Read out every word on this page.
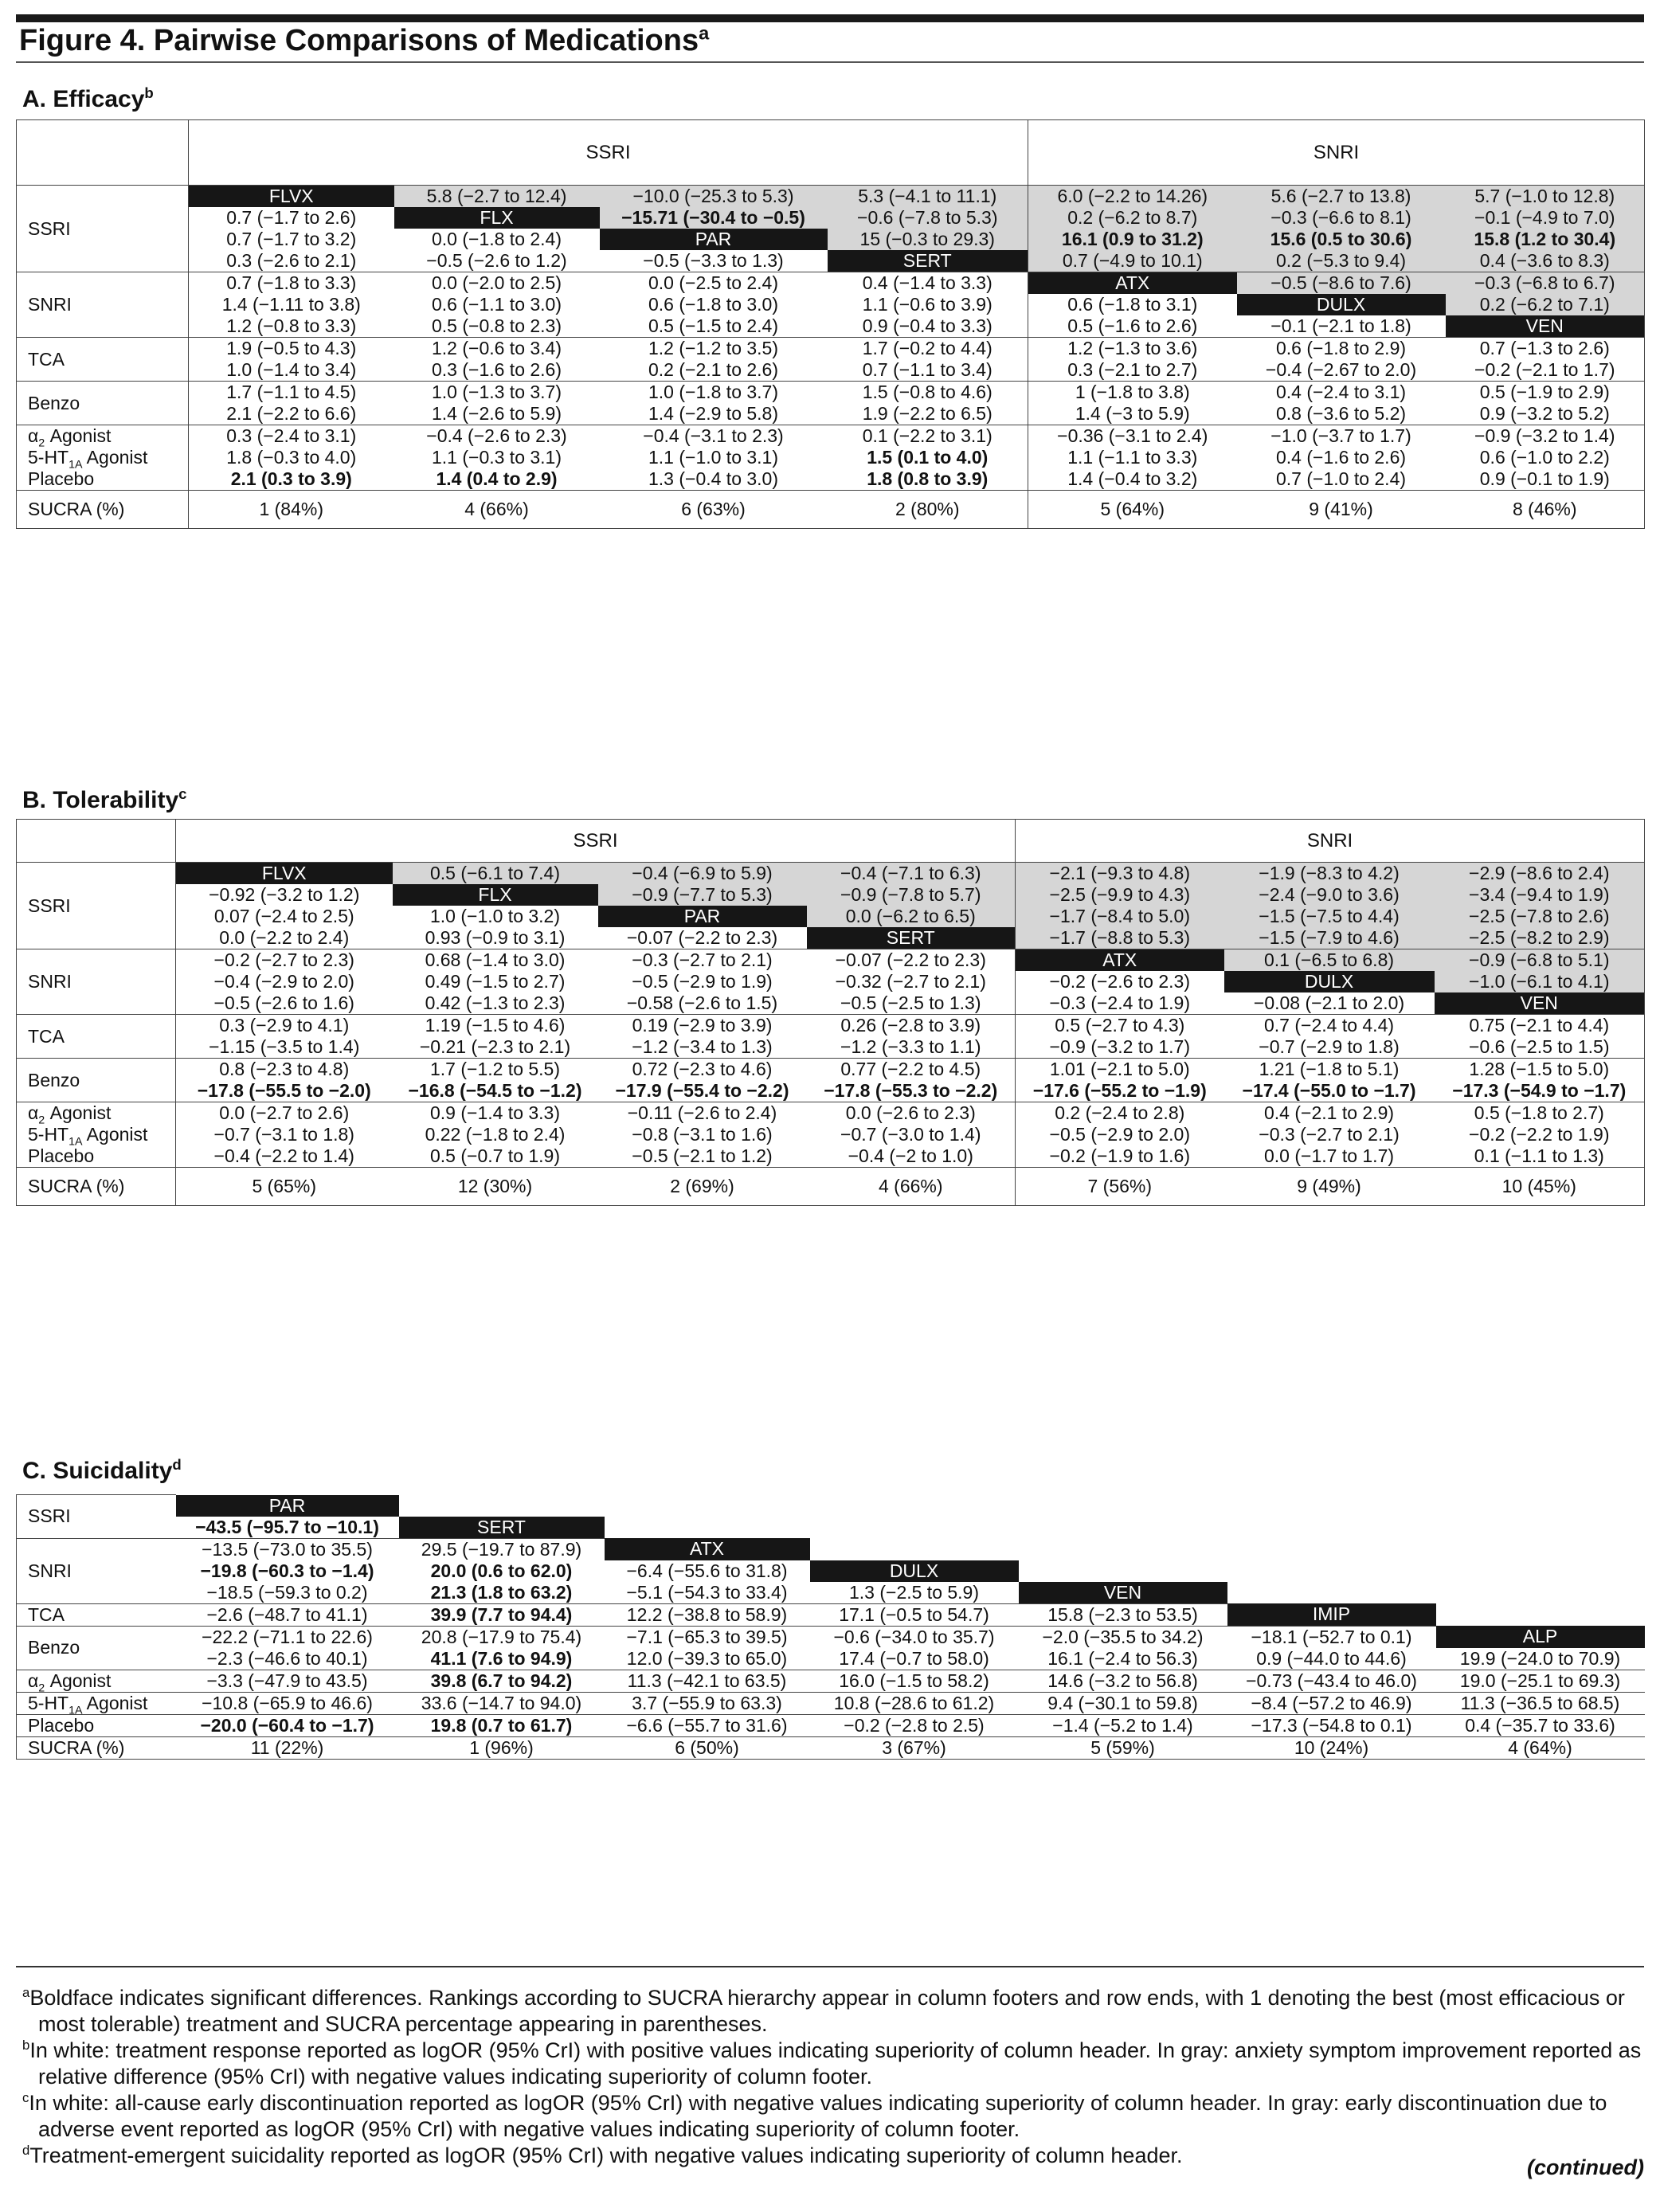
Figure 4. Pairwise Comparisons of Medications$^a$
A. Efficacy$^b$
	SSRI				SNRI		
SSRI	FLVX	5.8 (−2.7 to 12.4)	−10.0 (−25.3 to 5.3)	5.3 (−4.1 to 11.1)	6.0 (−2.2 to 14.26)	5.6 (−2.7 to 13.8)	5.7 (−1.0 to 12.8)
	0.7 (−1.7 to 2.6)	FLX	−15.71 (−30.4 to −0.5)	−0.6 (−7.8 to 5.3)	0.2 (−6.2 to 8.7)	−0.3 (−6.6 to 8.1)	−0.1 (−4.9 to 7.0)
	0.7 (−1.7 to 3.2)	0.0 (−1.8 to 2.4)	PAR	15 (−0.3 to 29.3)	16.1 (0.9 to 31.2)	15.6 (0.5 to 30.6)	15.8 (1.2 to 30.4)
	0.3 (−2.6 to 2.1)	−0.5 (−2.6 to 1.2)	−0.5 (−3.3 to 1.3)	SERT	0.7 (−4.9 to 10.1)	0.2 (−5.3 to 9.4)	0.4 (−3.6 to 8.3)
SNRI	0.7 (−1.8 to 3.3)	0.0 (−2.0 to 2.5)	0.0 (−2.5 to 2.4)	0.4 (−1.4 to 3.3)	ATX	−0.5 (−8.6 to 7.6)	−0.3 (−6.8 to 6.7)
	1.4 (−1.11 to 3.8)	0.6 (−1.1 to 3.0)	0.6 (−1.8 to 3.0)	1.1 (−0.6 to 3.9)	0.6 (−1.8 to 3.1)	DULX	0.2 (−6.2 to 7.1)
	1.2 (−0.8 to 3.3)	0.5 (−0.8 to 2.3)	0.5 (−1.5 to 2.4)	0.9 (−0.4 to 3.3)	0.5 (−1.6 to 2.6)	−0.1 (−2.1 to 1.8)	VEN
TCA	1.9 (−0.5 to 4.3)	1.2 (−0.6 to 3.4)	1.2 (−1.2 to 3.5)	1.7 (−0.2 to 4.4)	1.2 (−1.3 to 3.6)	0.6 (−1.8 to 2.9)	0.7 (−1.3 to 2.6)
	1.0 (−1.4 to 3.4)	0.3 (−1.6 to 2.6)	0.2 (−2.1 to 2.6)	0.7 (−1.1 to 3.4)	0.3 (−2.1 to 2.7)	−0.4 (−2.67 to 2.0)	−0.2 (−2.1 to 1.7)
Benzo	1.7 (−1.1 to 4.5)	1.0 (−1.3 to 3.7)	1.0 (−1.8 to 3.7)	1.5 (−0.8 to 4.6)	1 (−1.8 to 3.8)	0.4 (−2.4 to 3.1)	0.5 (−1.9 to 2.9)
	2.1 (−2.2 to 6.6)	1.4 (−2.6 to 5.9)	1.4 (−2.9 to 5.8)	1.9 (−2.2 to 6.5)	1.4 (−3 to 5.9)	0.8 (−3.6 to 5.2)	0.9 (−3.2 to 5.2)
$\alpha_2$ Agonist	0.3 (−2.4 to 3.1)	−0.4 (−2.6 to 2.3)	−0.4 (−3.1 to 2.3)	0.1 (−2.2 to 3.1)	−0.36 (−3.1 to 2.4)	−1.0 (−3.7 to 1.7)	−0.9 (−3.2 to 1.4)
$5-HT_{1A}$ Agonist	1.8 (−0.3 to 4.0)	1.1 (−0.3 to 3.1)	1.1 (−1.0 to 3.1)	1.5 (0.1 to 4.0)	1.1 (−1.1 to 3.3)	0.4 (−1.6 to 2.6)	0.6 (−1.0 to 2.2)
Placebo	2.1 (0.3 to 3.9)	1.4 (0.4 to 2.9)	1.3 (−0.4 to 3.0)	1.8 (0.8 to 3.9)	1.4 (−0.4 to 3.2)	0.7 (−1.0 to 2.4)	0.9 (−0.1 to 1.9)
SUCRA (%)	1 (84%)	4 (66%)	6 (63%)	2 (80%)	5 (64%)	9 (41%)	8 (46%)
B. Tolerability$^c$
	SSRI				SNRI		
SSRI	FLVX	0.5 (−6.1 to 7.4)	−0.4 (−6.9 to 5.9)	−0.4 (−7.1 to 6.3)	−2.1 (−9.3 to 4.8)	−1.9 (−8.3 to 4.2)	−2.9 (−8.6 to 2.4)
	−0.92 (−3.2 to 1.2)	FLX	−0.9 (−7.7 to 5.3)	−0.9 (−7.8 to 5.7)	−2.5 (−9.9 to 4.3)	−2.4 (−9.0 to 3.6)	−3.4 (−9.4 to 1.9)
	0.07 (−2.4 to 2.5)	1.0 (−1.0 to 3.2)	PAR	0.0 (−6.2 to 6.5)	−1.7 (−8.4 to 5.0)	−1.5 (−7.5 to 4.4)	−2.5 (−7.8 to 2.6)
	0.0 (−2.2 to 2.4)	0.93 (−0.9 to 3.1)	−0.07 (−2.2 to 2.3)	SERT	−1.7 (−8.8 to 5.3)	−1.5 (−7.9 to 4.6)	−2.5 (−8.2 to 2.9)
SNRI	−0.2 (−2.7 to 2.3)	0.68 (−1.4 to 3.0)	−0.3 (−2.7 to 2.1)	−0.07 (−2.2 to 2.3)	ATX	0.1 (−6.5 to 6.8)	−0.9 (−6.8 to 5.1)
	−0.4 (−2.9 to 2.0)	0.49 (−1.5 to 2.7)	−0.5 (−2.9 to 1.9)	−0.32 (−2.7 to 2.1)	−0.2 (−2.6 to 2.3)	DULX	−1.0 (−6.1 to 4.1)
	−0.5 (−2.6 to 1.6)	0.42 (−1.3 to 2.3)	−0.58 (−2.6 to 1.5)	−0.5 (−2.5 to 1.3)	−0.3 (−2.4 to 1.9)	−0.08 (−2.1 to 2.0)	VEN
TCA	0.3 (−2.9 to 4.1)	1.19 (−1.5 to 4.6)	0.19 (−2.9 to 3.9)	0.26 (−2.8 to 3.9)	0.5 (−2.7 to 4.3)	0.7 (−2.4 to 4.4)	0.75 (−2.1 to 4.4)
	−1.15 (−3.5 to 1.4)	−0.21 (−2.3 to 2.1)	−1.2 (−3.4 to 1.3)	−1.2 (−3.3 to 1.1)	−0.9 (−3.2 to 1.7)	−0.7 (−2.9 to 1.8)	−0.6 (−2.5 to 1.5)
Benzo	0.8 (−2.3 to 4.8)	1.7 (−1.2 to 5.5)	0.72 (−2.3 to 4.6)	0.77 (−2.2 to 4.5)	1.01 (−2.1 to 5.0)	1.21 (−1.8 to 5.1)	1.28 (−1.5 to 5.0)
	−17.8 (−55.5 to −2.0)	−16.8 (−54.5 to −1.2)	−17.9 (−55.4 to −2.2)	−17.8 (−55.3 to −2.2)	−17.6 (−55.2 to −1.9)	−17.4 (−55.0 to −1.7)	−17.3 (−54.9 to −1.7)
$\alpha_2$ Agonist	0.0 (−2.7 to 2.6)	0.9 (−1.4 to 3.3)	−0.11 (−2.6 to 2.4)	0.0 (−2.6 to 2.3)	0.2 (−2.4 to 2.8)	0.4 (−2.1 to 2.9)	0.5 (−1.8 to 2.7)
$5-HT_{1A}$ Agonist	−0.7 (−3.1 to 1.8)	0.22 (−1.8 to 2.4)	−0.8 (−3.1 to 1.6)	−0.7 (−3.0 to 1.4)	−0.5 (−2.9 to 2.0)	−0.3 (−2.7 to 2.1)	−0.2 (−2.2 to 1.9)
Placebo	−0.4 (−2.2 to 1.4)	0.5 (−0.7 to 1.9)	−0.5 (−2.1 to 1.2)	−0.4 (−2 to 1.0)	−0.2 (−1.9 to 1.6)	0.0 (−1.7 to 1.7)	0.1 (−1.1 to 1.3)
SUCRA (%)	5 (65%)	12 (30%)	2 (69%)	4 (66%)	7 (56%)	9 (49%)	10 (45%)
C. Suicidality$^d$
SSRI	PAR						
	−43.5 (−95.7 to −10.1)	SERT					
SNRI	−13.5 (−73.0 to 35.5)	29.5 (−19.7 to 87.9)	ATX				
	−19.8 (−60.3 to −1.4)	20.0 (0.6 to 62.0)	−6.4 (−55.6 to 31.8)	DULX			
	−18.5 (−59.3 to 0.2)	21.3 (1.8 to 63.2)	−5.1 (−54.3 to 33.4)	1.3 (−2.5 to 5.9)	VEN		
TCA	−2.6 (−48.7 to 41.1)	39.9 (7.7 to 94.4)	12.2 (−38.8 to 58.9)	17.1 (−0.5 to 54.7)	15.8 (−2.3 to 53.5)	IMIP	
Benzo	−22.2 (−71.1 to 22.6)	20.8 (−17.9 to 75.4)	−7.1 (−65.3 to 39.5)	−0.6 (−34.0 to 35.7)	−2.0 (−35.5 to 34.2)	−18.1 (−52.7 to 0.1)	ALP
	−2.3 (−46.6 to 40.1)	41.1 (7.6 to 94.9)	12.0 (−39.3 to 65.0)	17.4 (−0.7 to 58.0)	16.1 (−2.4 to 56.3)	0.9 (−44.0 to 44.6)	19.9 (−24.0 to 70.9)
$\alpha_2$ Agonist	−3.3 (−47.9 to 43.5)	39.8 (6.7 to 94.2)	11.3 (−42.1 to 63.5)	16.0 (−1.5 to 58.2)	14.6 (−3.2 to 56.8)	−0.73 (−43.4 to 46.0)	19.0 (−25.1 to 69.3)
$5-HT_{1A}$ Agonist	−10.8 (−65.9 to 46.6)	33.6 (−14.7 to 94.0)	3.7 (−55.9 to 63.3)	10.8 (−28.6 to 61.2)	9.4 (−30.1 to 59.8)	−8.4 (−57.2 to 46.9)	11.3 (−36.5 to 68.5)
Placebo	−20.0 (−60.4 to −1.7)	19.8 (0.7 to 61.7)	−6.6 (−55.7 to 31.6)	−0.2 (−2.8 to 2.5)	−1.4 (−5.2 to 1.4)	−17.3 (−54.8 to 0.1)	0.4 (−35.7 to 33.6)
SUCRA (%)	11 (22%)	1 (96%)	6 (50%)	3 (67%)	5 (59%)	10 (24%)	4 (64%)
$^a$Boldface indicates significant differences. Rankings according to SUCRA hierarchy appear in column footers and row ends, with 1 denoting the best (most efficacious or most tolerable) treatment and SUCRA percentage appearing in parentheses.
$^b$In white: treatment response reported as logOR (95% CrI) with positive values indicating superiority of column header. In gray: anxiety symptom improvement reported as relative difference (95% CrI) with negative values indicating superiority of column footer.
$^c$In white: all-cause early discontinuation reported as logOR (95% CrI) with negative values indicating superiority of column header. In gray: early discontinuation due to adverse event reported as logOR (95% CrI) with negative values indicating superiority of column footer.
$^d$Treatment-emergent suicidality reported as logOR (95% CrI) with negative values indicating superiority of column header.	(continued)
